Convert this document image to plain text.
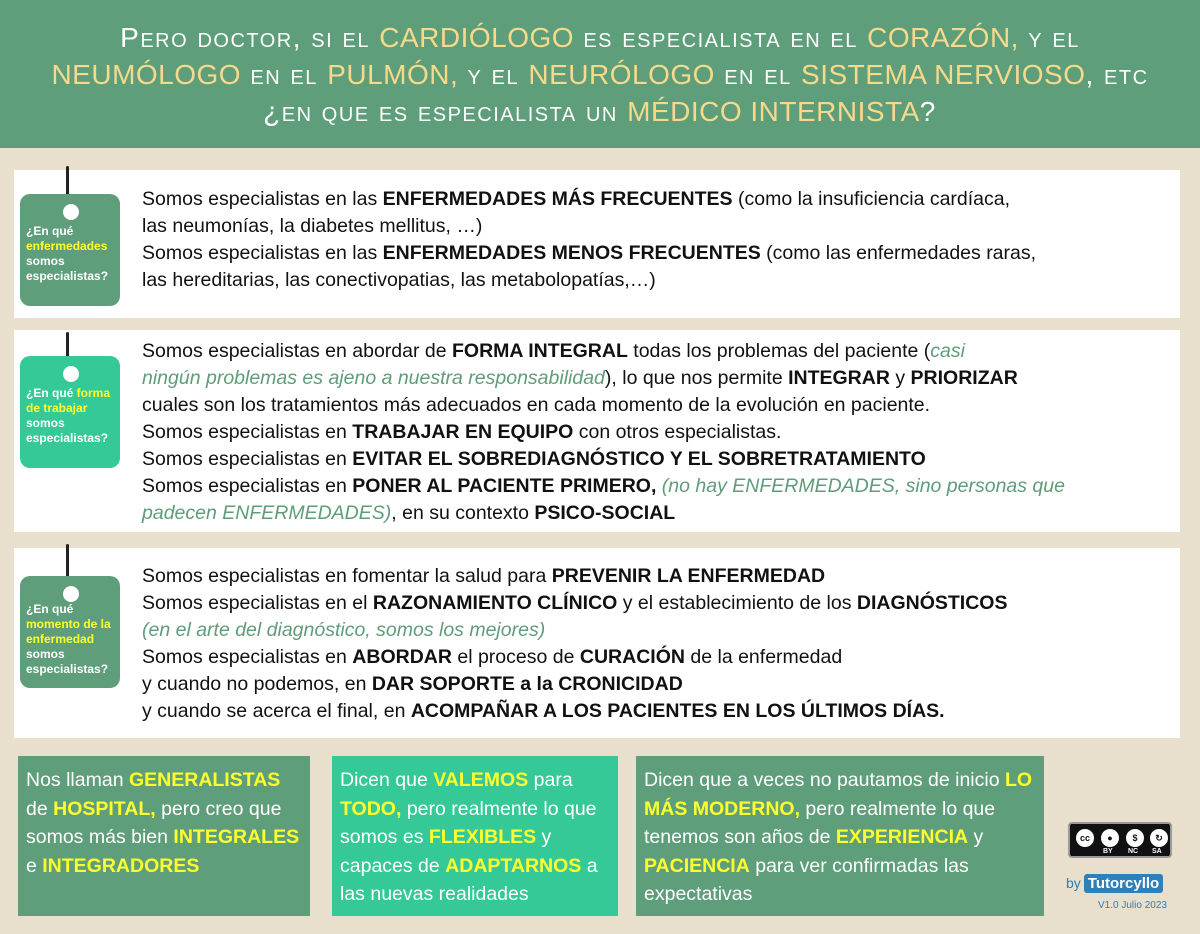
Pero doctor, si el CARDIÓLOGO es especialista en el CORAZÓN, y el NEUMÓLOGO en el PULMÓN, y el NEURÓLOGO en el SISTEMA NERVIOSO, etc ¿en que es especialista un MÉDICO INTERNISTA?
¿En qué
enfermedades
somos
especialistas?

Somos especialistas en las ENFERMEDADES MÁS FRECUENTES (como la insuficiencia cardíaca,

las neumonías, la diabetes mellitus, …)

Somos especialistas en las ENFERMEDADES MENOS FRECUENTES (como las enfermedades raras,

las hereditarias, las conectivopatias, las metabolopatías,…)

¿En qué forma
de trabajar
somos
especialistas?

Somos especialistas en abordar de FORMA INTEGRAL todas los problemas del paciente (casi

ningún problemas es ajeno a nuestra responsabilidad), lo que nos permite INTEGRAR y PRIORIZAR

cuales son los tratamientos más adecuados en cada momento de la evolución en paciente.

Somos especialistas en TRABAJAR EN EQUIPO con otros especialistas.

Somos especialistas en EVITAR EL SOBREDIAGNÓSTICO Y EL SOBRETRATAMIENTO

Somos especialistas en PONER AL PACIENTE PRIMERO, (no hay ENFERMEDADES, sino personas que

padecen ENFERMEDADES), en su contexto PSICO-SOCIAL

¿En qué
momento de la
enfermedad
somos
especialistas?

Somos especialistas en fomentar la salud para PREVENIR LA ENFERMEDAD

Somos especialistas en el RAZONAMIENTO CLÍNICO y el establecimiento de los DIAGNÓSTICOS

(en el arte del diagnóstico, somos los mejores)

Somos especialistas en ABORDAR el proceso de CURACIÓN de la enfermedad

y cuando no podemos, en DAR SOPORTE a la CRONICIDAD

y cuando se acerca el final, en ACOMPAÑAR A LOS PACIENTES EN LOS ÚLTIMOS DÍAS.

Nos llaman GENERALISTAS de HOSPITAL, pero creo que somos más bien INTEGRALES e INTEGRADORES
Dicen que VALEMOS para TODO, pero realmente lo que somos es FLEXIBLES y capaces de ADAPTARNOS a las nuevas realidades
Dicen que a veces no pautamos de inicio LO MÁS MODERNO, pero realmente lo que tenemos son años de EXPERIENCIA y PACIENCIA para ver confirmadas las expectativas
cc	●	$	↻
BY NC SA
by Tutorcyllo
V1.0 Julio 2023
